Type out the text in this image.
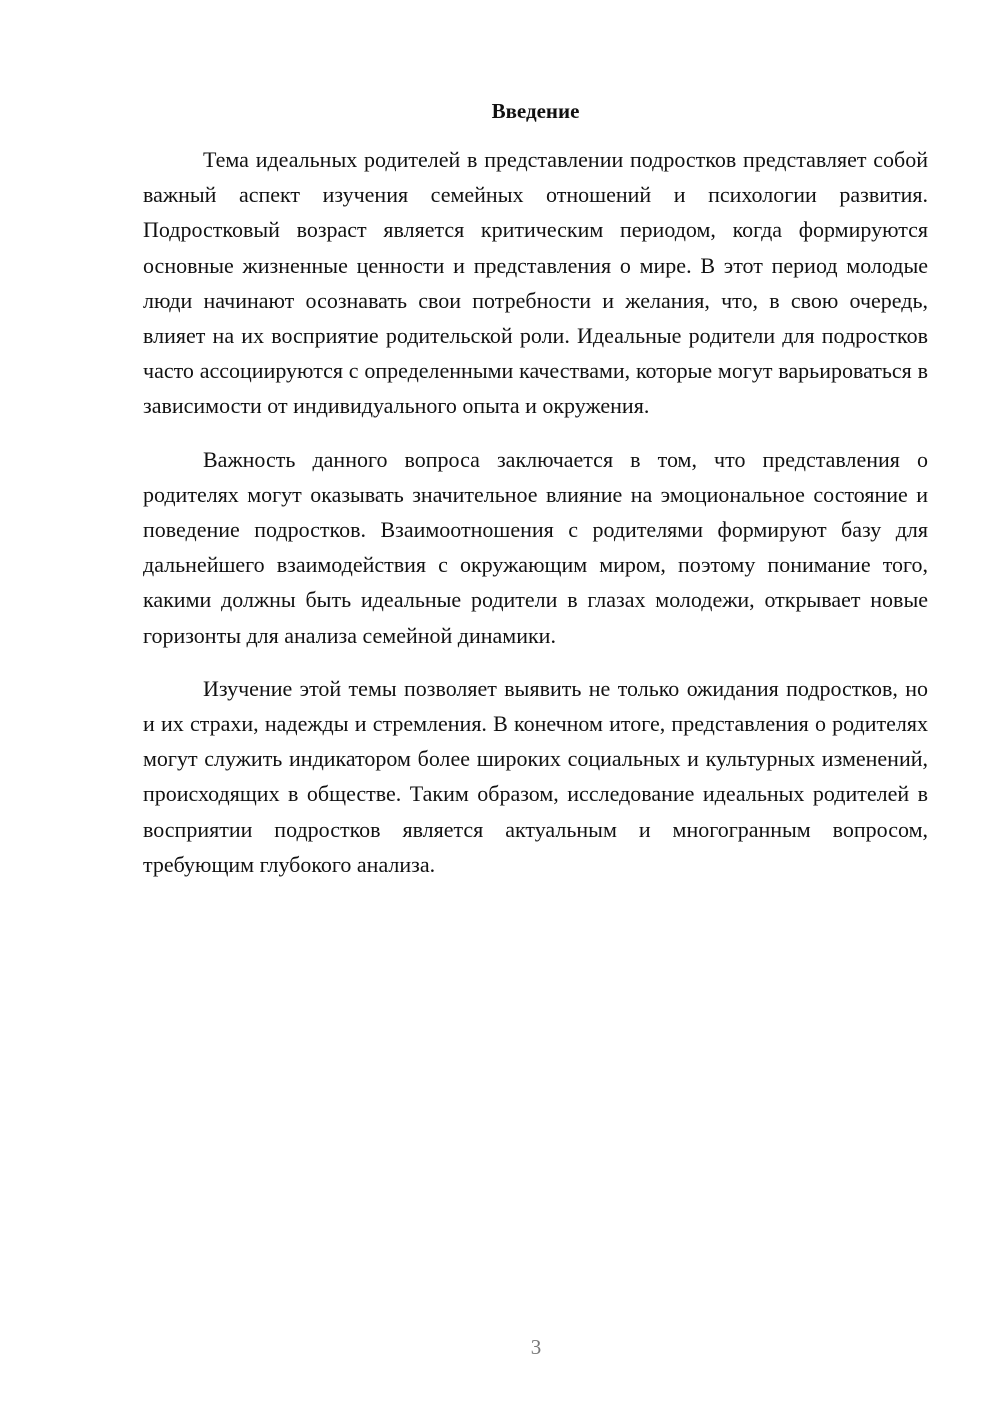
Введение

Тема идеальных родителей в представлении подростков представляет собой важный аспект изучения семейных отношений и психологии развития. Подростковый возраст является критическим периодом, когда формируются основные жизненные ценности и представления о мире. В этот период молодые люди начинают осознавать свои потребности и желания, что, в свою очередь, влияет на их восприятие родительской роли. Идеальные родители для подростков часто ассоциируются с определенными качествами, которые могут варьироваться в зависимости от индивидуального опыта и окружения.

Важность данного вопроса заключается в том, что представления о родителях могут оказывать значительное влияние на эмоциональное состояние и поведение подростков. Взаимоотношения с родителями формируют базу для дальнейшего взаимодействия с окружающим миром, поэтому понимание того, какими должны быть идеальные родители в глазах молодежи, открывает новые горизонты для анализа семейной динамики.

Изучение этой темы позволяет выявить не только ожидания подростков, но и их страхи, надежды и стремления. В конечном итоге, представления о родителях могут служить индикатором более широких социальных и культурных изменений, происходящих в обществе. Таким образом, исследование идеальных родителей в восприятии подростков является актуальным и многогранным вопросом, требующим глубокого анализа.

3
